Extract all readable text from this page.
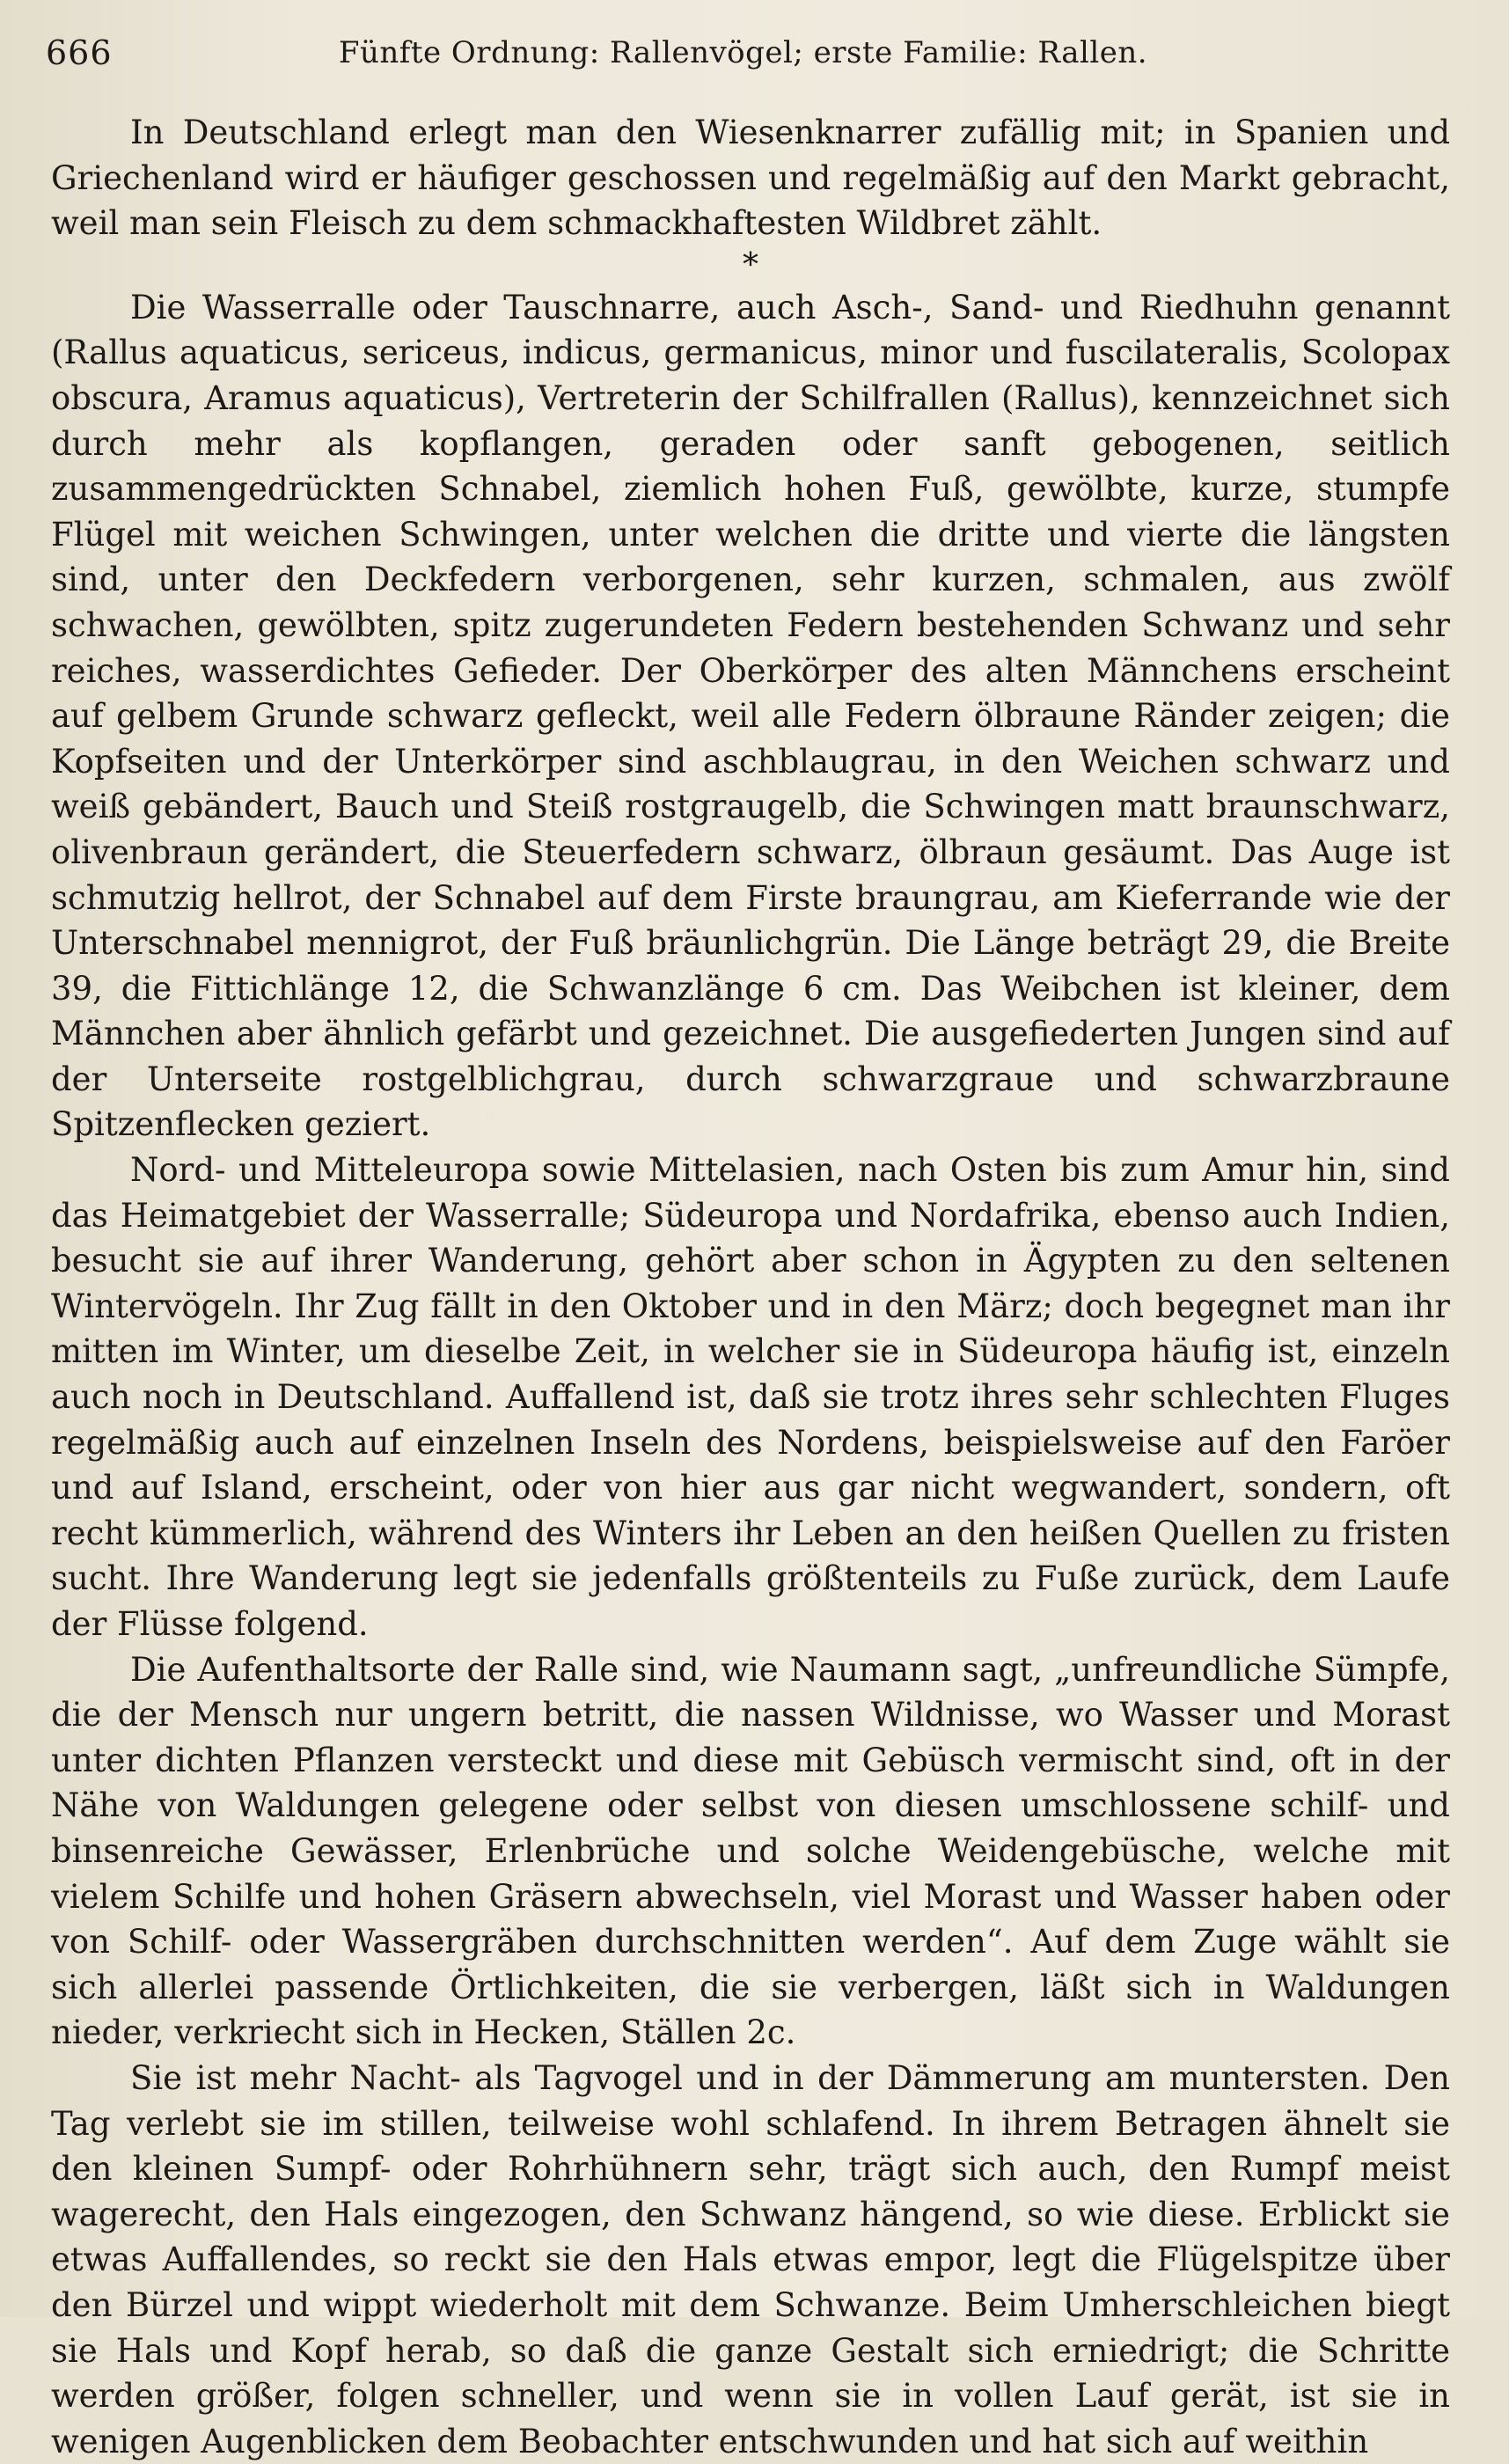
666	Fünfte Ordnung: Rallenvögel; erste Familie: Rallen.

In Deutschland erlegt man den Wiesenknarrer zufällig mit; in Spanien und Griechenland wird er häufiger geschossen und regelmäßig auf den Markt gebracht, weil man sein Fleisch zu dem schmackhaftesten Wildbret zählt.

*

Die Wasserralle oder Tauschnarre, auch Asch-, Sand- und Riedhuhn genannt (Rallus aquaticus, sericeus, indicus, germanicus, minor und fuscilateralis, Scolopax obscura, Aramus aquaticus), Vertreterin der Schilfrallen (Rallus), kennzeichnet sich durch mehr als kopflangen, geraden oder sanft gebogenen, seitlich zusammengedrückten Schnabel, ziemlich hohen Fuß, gewölbte, kurze, stumpfe Flügel mit weichen Schwingen, unter welchen die dritte und vierte die längsten sind, unter den Deckfedern verborgenen, sehr kurzen, schmalen, aus zwölf schwachen, gewölbten, spitz zugerundeten Federn bestehenden Schwanz und sehr reiches, wasserdichtes Gefieder. Der Oberkörper des alten Männchens erscheint auf gelbem Grunde schwarz gefleckt, weil alle Federn ölbraune Ränder zeigen; die Kopfseiten und der Unterkörper sind aschblaugrau, in den Weichen schwarz und weiß gebändert, Bauch und Steiß rostgraugelb, die Schwingen matt braunschwarz, olivenbraun gerändert, die Steuerfedern schwarz, ölbraun gesäumt. Das Auge ist schmutzig hellrot, der Schnabel auf dem Firste braungrau, am Kieferrande wie der Unterschnabel mennigrot, der Fuß bräunlichgrün. Die Länge beträgt 29, die Breite 39, die Fittichlänge 12, die Schwanzlänge 6 cm. Das Weibchen ist kleiner, dem Männchen aber ähnlich gefärbt und gezeichnet. Die ausgefiederten Jungen sind auf der Unterseite rostgelblichgrau, durch schwarzgraue und schwarzbraune Spitzenflecken geziert.

Nord- und Mitteleuropa sowie Mittelasien, nach Osten bis zum Amur hin, sind das Heimatgebiet der Wasserralle; Südeuropa und Nordafrika, ebenso auch Indien, besucht sie auf ihrer Wanderung, gehört aber schon in Ägypten zu den seltenen Wintervögeln. Ihr Zug fällt in den Oktober und in den März; doch begegnet man ihr mitten im Winter, um dieselbe Zeit, in welcher sie in Südeuropa häufig ist, einzeln auch noch in Deutschland. Auffallend ist, daß sie trotz ihres sehr schlechten Fluges regelmäßig auch auf einzelnen Inseln des Nordens, beispielsweise auf den Faröer und auf Island, erscheint, oder von hier aus gar nicht wegwandert, sondern, oft recht kümmerlich, während des Winters ihr Leben an den heißen Quellen zu fristen sucht. Ihre Wanderung legt sie jedenfalls größtenteils zu Fuße zurück, dem Laufe der Flüsse folgend.

Die Aufenthaltsorte der Ralle sind, wie Naumann sagt, „unfreundliche Sümpfe, die der Mensch nur ungern betritt, die nassen Wildnisse, wo Wasser und Morast unter dichten Pflanzen versteckt und diese mit Gebüsch vermischt sind, oft in der Nähe von Waldungen gelegene oder selbst von diesen umschlossene schilf- und binsenreiche Gewässer, Erlenbrüche und solche Weidengebüsche, welche mit vielem Schilfe und hohen Gräsern abwechseln, viel Morast und Wasser haben oder von Schilf- oder Wassergräben durchschnitten werden“. Auf dem Zuge wählt sie sich allerlei passende Örtlichkeiten, die sie verbergen, läßt sich in Waldungen nieder, verkriecht sich in Hecken, Ställen 2c.

Sie ist mehr Nacht- als Tagvogel und in der Dämmerung am muntersten. Den Tag verlebt sie im stillen, teilweise wohl schlafend. In ihrem Betragen ähnelt sie den kleinen Sumpf- oder Rohrhühnern sehr, trägt sich auch, den Rumpf meist wagerecht, den Hals eingezogen, den Schwanz hängend, so wie diese. Erblickt sie etwas Auffallendes, so reckt sie den Hals etwas empor, legt die Flügelspitze über den Bürzel und wippt wiederholt mit dem Schwanze. Beim Umherschleichen biegt sie Hals und Kopf herab, so daß die ganze Gestalt sich erniedrigt; die Schritte werden größer, folgen schneller, und wenn sie in vollen Lauf gerät, ist sie in wenigen Augenblicken dem Beobachter entschwunden und hat sich auf weithin
